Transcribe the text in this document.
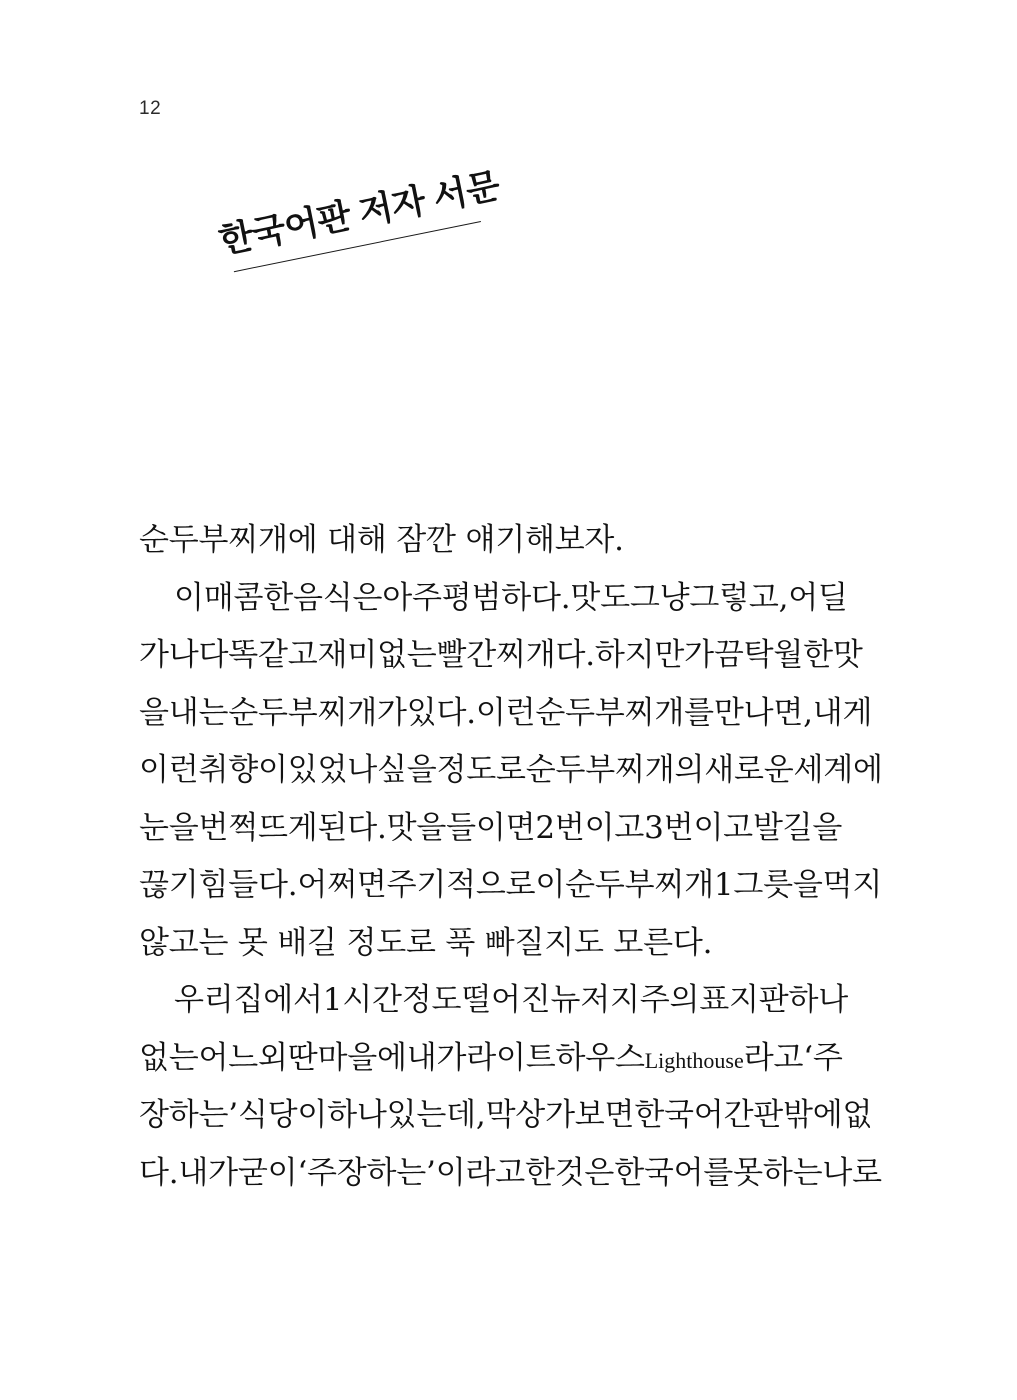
12
한국어판 저자 서문
순두부찌개에 대해 잠깐 얘기해보자.
이 매콤한 음식은 아주 평범하다. 맛도 그냥 그렇고, 어딜
가나 다 똑같고 재미없는 빨간 찌개다. 하지만 가끔 탁월한 맛
을 내는 순두부찌개가 있다. 이런 순두부찌개를 만나면, 내게
이런 취향이 있었나 싶을 정도로 순두부찌개의 새로운 세계에
눈을 번쩍 뜨게 된다. 맛을 들이면 2번이고 3번이고 발길을
끊기 힘들다. 어쩌면 주기적으로 이 순두부찌개 1그릇을 먹지
않고는 못 배길 정도로 푹 빠질지도 모른다.
우리 집에서 1시간 정도 떨어진 뉴저지주의 표지판 하나
없는 어느 외딴 마을에 내가 라이트하우스Lighthouse라고 ‘주
장하는’ 식당이 하나 있는데, 막상 가보면 한국어 간판밖에 없
다. 내가 굳이 ‘주장하는’이라고 한 것은 한국어를 못하는 나로
